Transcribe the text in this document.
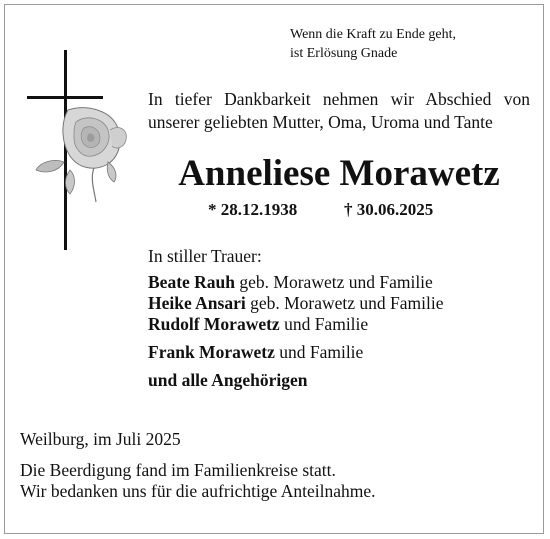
Wenn die Kraft zu Ende geht,
ist Erlösung Gnade
In tiefer Dankbarkeit nehmen wir Abschied von
unserer geliebten Mutter, Oma, Uroma und Tante
Anneliese Morawetz
* 28.12.1938	† 30.06.2025
In stiller Trauer:
Beate Rauh geb. Morawetz und Familie
Heike Ansari geb. Morawetz und Familie
Rudolf Morawetz und Familie
Frank Morawetz und Familie
und alle Angehörigen
Weilburg, im Juli 2025
Die Beerdigung fand im Familienkreise statt.
Wir bedanken uns für die aufrichtige Anteilnahme.
